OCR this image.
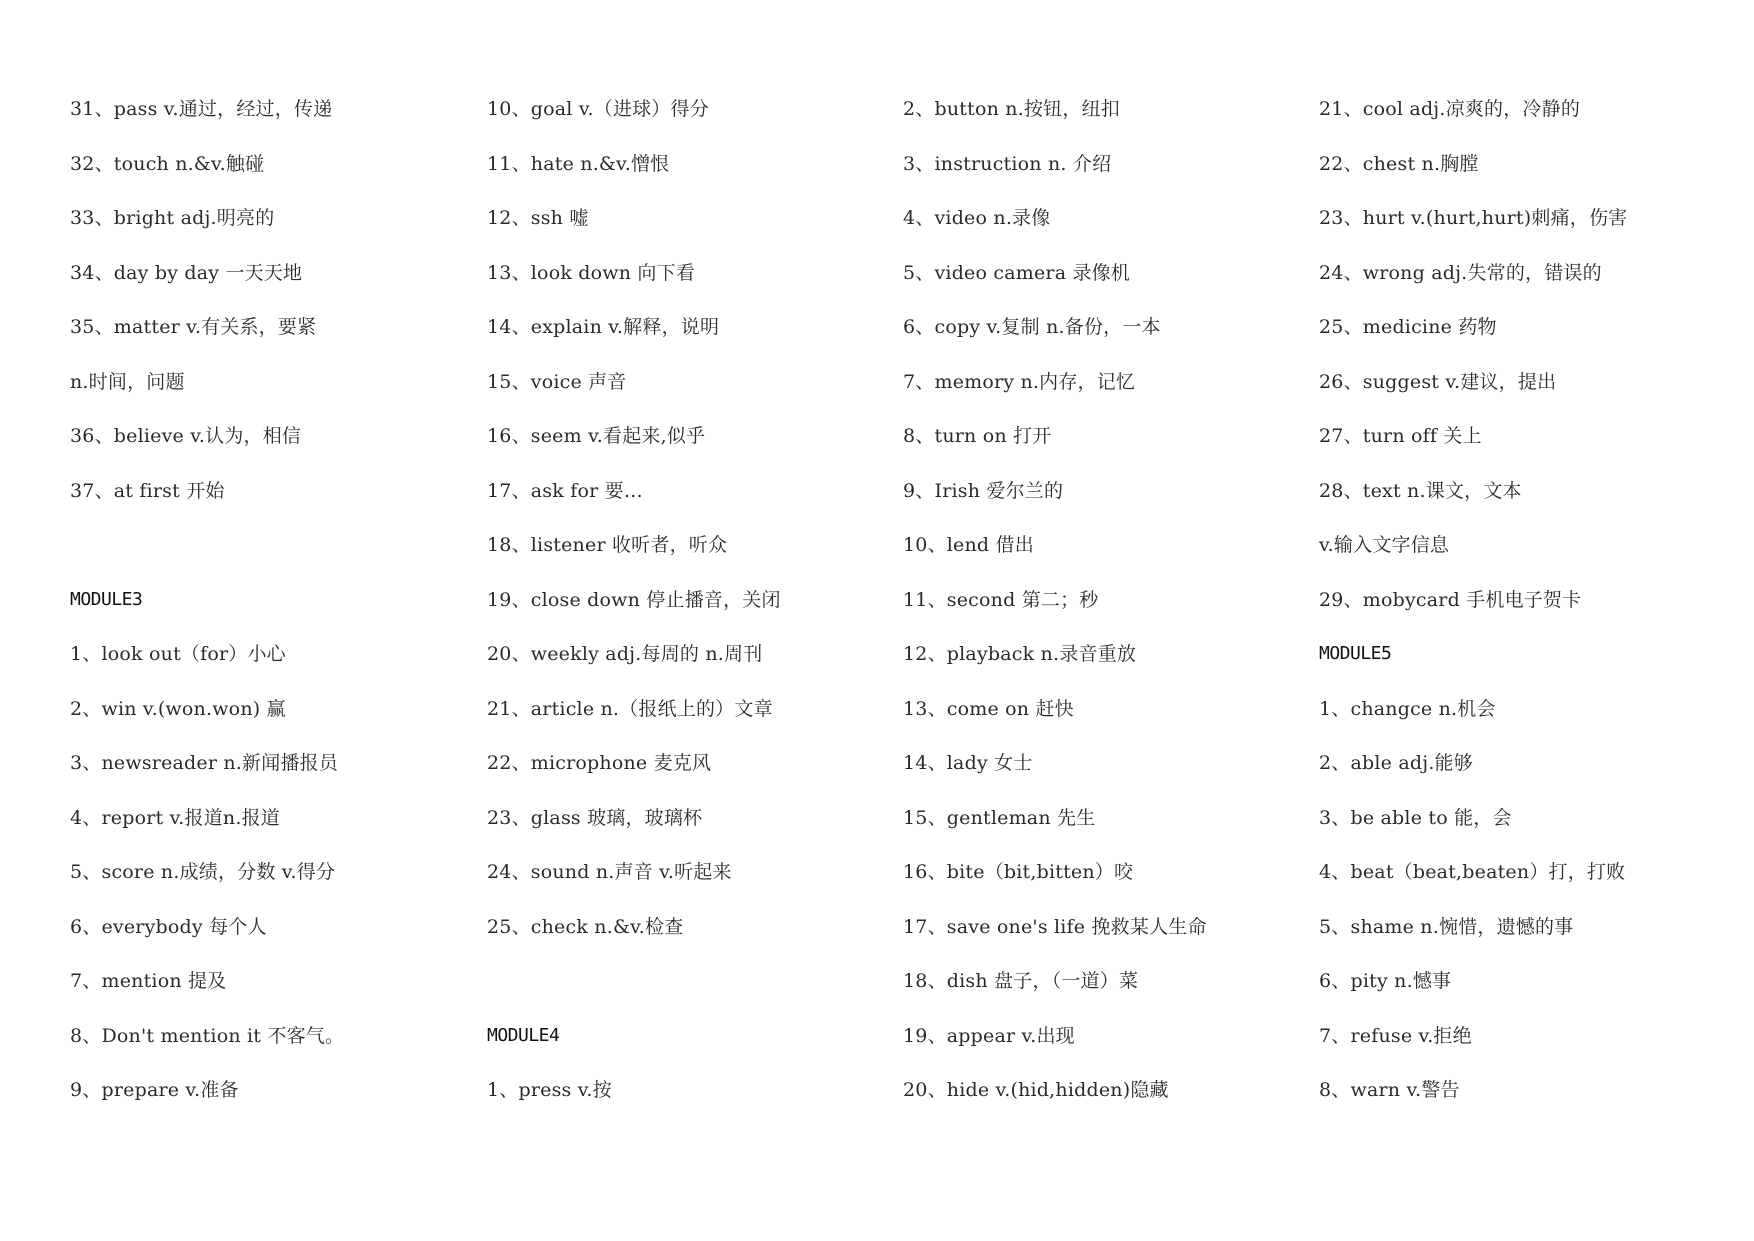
31、pass v.通过，经过，传递
32、touch n.&v.触碰
33、bright adj.明亮的
34、day by day 一天天地
35、matter v.有关系，要紧
n.时间，问题
36、believe v.认为，相信
37、at first 开始
MODULE3
1、look out（for）小心
2、win v.(won.won) 赢
3、newsreader n.新闻播报员
4、report v.报道n.报道
5、score n.成绩，分数 v.得分
6、everybody 每个人
7、mention 提及
8、Don't mention it 不客气。
9、prepare v.准备
10、goal v.（进球）得分
11、hate n.&v.憎恨
12、ssh 嘘
13、look down 向下看
14、explain v.解释，说明
15、voice 声音
16、seem v.看起来,似乎
17、ask for 要…
18、listener 收听者，听众
19、close down 停止播音，关闭
20、weekly adj.每周的 n.周刊
21、article n.（报纸上的）文章
22、microphone 麦克风
23、glass 玻璃，玻璃杯
24、sound n.声音 v.听起来
25、check n.&v.检查
MODULE4
1、press v.按
2、button n.按钮，纽扣
3、instruction n. 介绍
4、video n.录像
5、video camera 录像机
6、copy v.复制 n.备份，一本
7、memory n.内存，记忆
8、turn on 打开
9、Irish 爱尔兰的
10、lend 借出
11、second 第二；秒
12、playback n.录音重放
13、come on 赶快
14、lady 女士
15、gentleman 先生
16、bite（bit,bitten）咬
17、save one's life 挽救某人生命
18、dish 盘子，（一道）菜
19、appear v.出现
20、hide v.(hid,hidden)隐藏
21、cool adj.凉爽的，冷静的
22、chest n.胸膛
23、hurt v.(hurt,hurt)刺痛，伤害
24、wrong adj.失常的，错误的
25、medicine 药物
26、suggest v.建议，提出
27、turn off 关上
28、text n.课文，文本
v.输入文字信息
29、mobycard 手机电子贺卡
MODULE5
1、changce n.机会
2、able adj.能够
3、be able to 能，会
4、beat（beat,beaten）打，打败
5、shame n.惋惜，遗憾的事
6、pity n.憾事
7、refuse v.拒绝
8、warn v.警告
